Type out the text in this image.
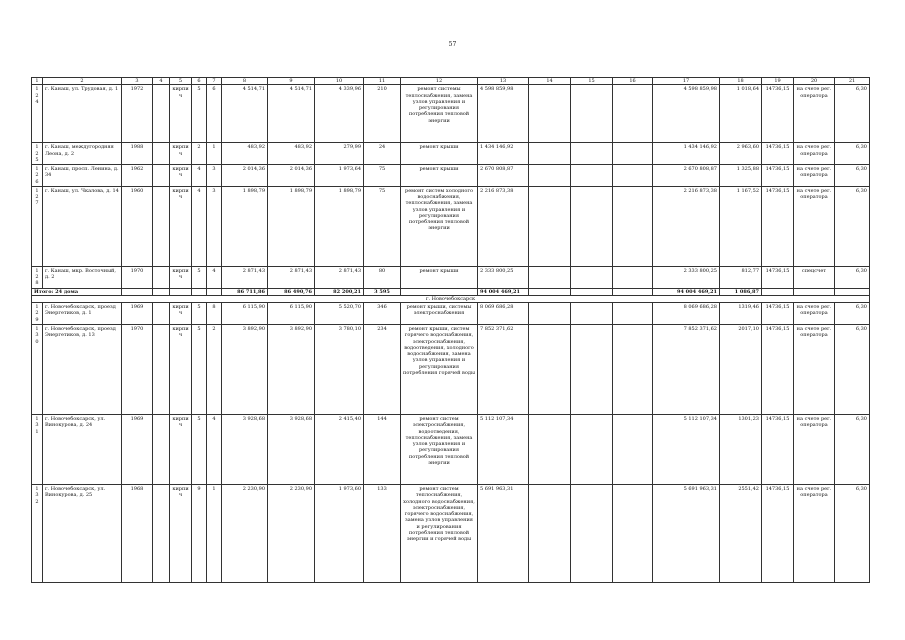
57
1	2	3	4	5	6	7	8	9	10	11	12	13	14	15	16	17	18	19	20	21
124	г. Канаш, ул. Трудовая, д. 1	1972		кирпич	5	6	4 514,71	4 514,71	4 339,96	210	ремонт системы теплоснабжения, замена узлов управления и регулирования потребления тепловой энергии	4 598 859,98				4 598 859,98	1 018,64	14736,15	на счете рег. оператора	6,30
125	г. Канаш, междугородняя Леона, д. 2	1988		кирпич	2	1	483,92	483,92	279,99	24	ремонт крыши	1 434 146,92				1 434 146,92	2 963,60	14736,15	на счете рег. оператора	6,30
126	г. Канаш, просп. Ленина, д. 34	1962		кирпич	4	3	2 014,36	2 014,36	1 973,64	75	ремонт крыши	2 670 808,87				2 670 808,87	1 325,88	14736,15	на счете рег. оператора	6,30
127	г. Канаш, ул. Чкалова, д. 14	1960		кирпич	4	3	1 898,79	1 898,79	1 898,79	75	ремонт систем холодного водоснабжения, теплоснабжения, замена узлов управления и регулирования потребления тепловой энергии	2 216 873,38				2 216 873,38	1 167,52	14736,15	на счете рег. оператора	6,30
128	г. Канаш, мкр. Восточный, д. 2	1970		кирпич	5	4	2 871,43	2 871,43	2 871,43	80	ремонт крыши	2 333 800,25				2 333 800,25	812,77	14736,15	спецсчет	6,30
Итого: 24 дома							86 711,86	86 490,76	82 200,21	3 595		94 004 469,21				94 004 469,21	1 086,87			
г. Новочебоксарск																				
129	г. Новочебоксарск, проезд Энергетиков, д. 1	1969		кирпич	5	8	6 115,90	6 115,90	5 520,70	346	ремонт крыши, системы электроснабжения	8 069 686,28				8 069 686,28	1319,46	14736,15	на счете рег. оператора	6,30
130	г. Новочебоксарск, проезд Энергетиков, д. 13	1970		кирпич	5	2	3 892,90	3 892,90	3 780,10	234	ремонт крыши, систем горячего водоснабжения, электроснабжения, водоотведения, холодного водоснабжения, замена узлов управления и регулирования потребления горячей воды	7 852 371,62				7 852 371,62	2017,10	14736,15	на счете рег. оператора	6,30
131	г. Новочебоксарск, ул. Винокурова, д. 24	1969		кирпич	5	4	3 928,68	3 928,68	2 415,40	144	ремонт систем электроснабжения, водоотведения, теплоснабжения, замена узлов управления и регулирования потребления тепловой энергии	5 112 107,34				5 112 107,34	1301,23	14736,15	на счете рег. оператора	6,30
132	г. Новочебоксарск, ул. Винокурова, д. 25	1968		кирпич	9	1	2 230,90	2 230,90	1 973,60	133	ремонт систем теплоснабжения, холодного водоснабжения, электроснабжения, горячего водоснабжения, замена узлов управления и регулирования потребления тепловой энергии и горячей воды	5 691 963,31				5 691 963,31	2551,42	14736,15	на счете рег. оператора	6,30
